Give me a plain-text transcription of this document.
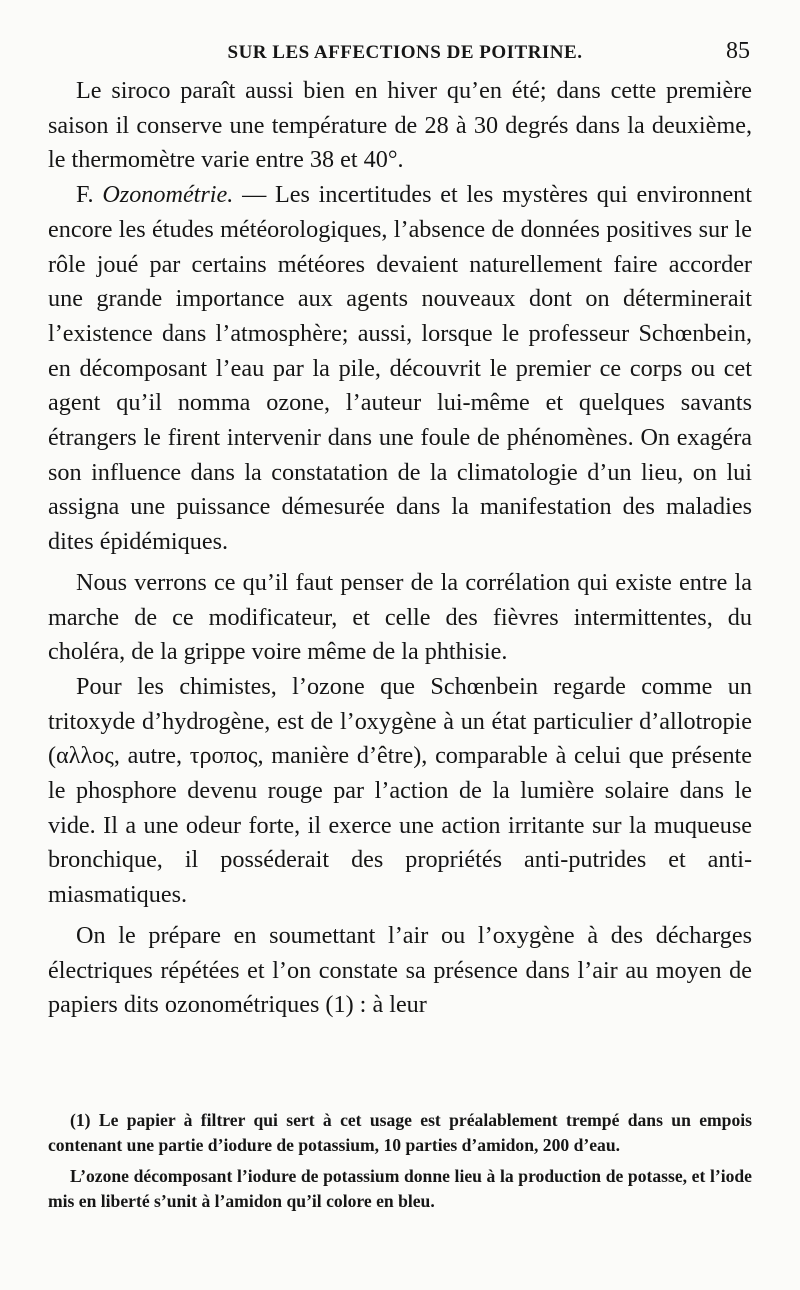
SUR LES AFFECTIONS DE POITRINE.	85

Le siroco paraît aussi bien en hiver qu’en été; dans cette première saison il conserve une température de 28 à 30 degrés dans la deuxième, le thermomètre varie entre 38 et 40°.

F. Ozonométrie. — Les incertitudes et les mystères qui environnent encore les études météorologiques, l’absence de données positives sur le rôle joué par certains météores devaient naturellement faire accorder une grande importance aux agents nouveaux dont on déterminerait l’existence dans l’atmosphère; aussi, lorsque le professeur Schœnbein, en décomposant l’eau par la pile, découvrit le premier ce corps ou cet agent qu’il nomma ozone, l’auteur lui-même et quelques savants étrangers le firent intervenir dans une foule de phénomènes. On exagéra son influence dans la constatation de la climatologie d’un lieu, on lui assigna une puissance démesurée dans la manifestation des maladies dites épidémiques.

Nous verrons ce qu’il faut penser de la corrélation qui existe entre la marche de ce modificateur, et celle des fièvres intermittentes, du choléra, de la grippe voire même de la phthisie.

Pour les chimistes, l’ozone que Schœnbein regarde comme un tritoxyde d’hydrogène, est de l’oxygène à un état particulier d’allotropie (αλλος, autre, τροπος, manière d’être), comparable à celui que présente le phosphore devenu rouge par l’action de la lumière solaire dans le vide. Il a une odeur forte, il exerce une action irritante sur la muqueuse bronchique, il posséderait des propriétés anti-putrides et anti-miasmatiques.

On le prépare en soumettant l’air ou l’oxygène à des décharges électriques répétées et l’on constate sa présence dans l’air au moyen de papiers dits ozonométriques (1) : à leur

(1) Le papier à filtrer qui sert à cet usage est préalablement trempé dans un empois contenant une partie d’iodure de potassium, 10 parties d’amidon, 200 d’eau.

L’ozone décomposant l’iodure de potassium donne lieu à la production de potasse, et l’iode mis en liberté s’unit à l’amidon qu’il colore en bleu.
